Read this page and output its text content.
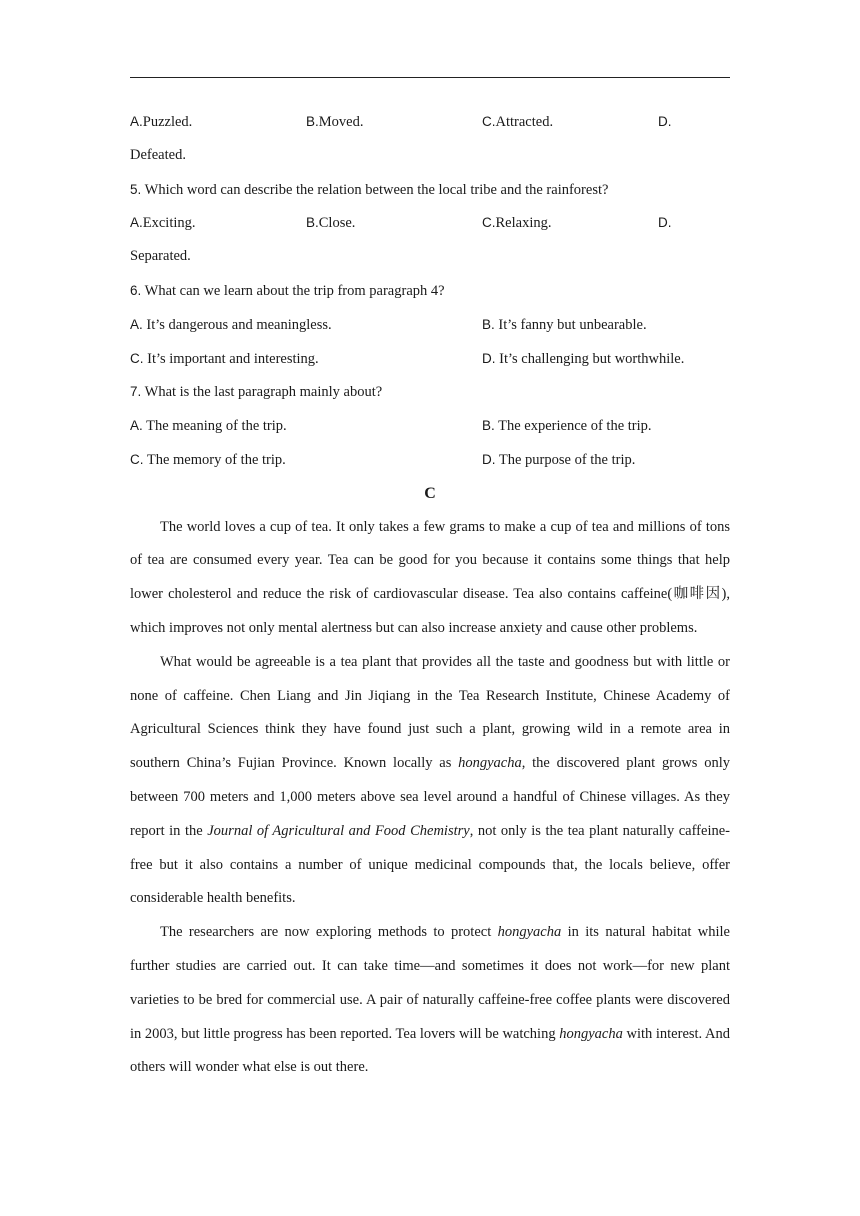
A.Puzzled.	B.Moved.	C.Attracted.	D.
Defeated.
5. Which word can describe the relation between the local tribe and the rainforest?
A.Exciting.	B.Close.	C.Relaxing.	D.
Separated.
6. What can we learn about the trip from paragraph 4?
A. It’s dangerous and meaningless.	B. It’s fanny but unbearable.
C. It’s important and interesting.	D. It’s challenging but worthwhile.
7. What is the last paragraph mainly about?
A. The meaning of the trip.	B. The experience of the trip.
C. The memory of the trip.	D. The purpose of the trip.
C

The world loves a cup of tea. It only takes a few grams to make a cup of tea and millions of tons of tea are consumed every year. Tea can be good for you because it contains some things that help lower cholesterol and reduce the risk of cardiovascular disease. Tea also contains caffeine(咖啡因), which improves not only mental alertness but can also increase anxiety and cause other problems.

What would be agreeable is a tea plant that provides all the taste and goodness but with little or none of caffeine. Chen Liang and Jin Jiqiang in the Tea Research Institute, Chinese Academy of Agricultural Sciences think they have found just such a plant, growing wild in a remote area in southern China’s Fujian Province. Known locally as hongyacha, the discovered plant grows only between 700 meters and 1,000 meters above sea level around a handful of Chinese villages. As they report in the Journal of Agricultural and Food Chemistry, not only is the tea plant naturally caffeine-free but it also contains a number of unique medicinal compounds that, the locals believe, offer considerable health benefits.

The researchers are now exploring methods to protect hongyacha in its natural habitat while further studies are carried out. It can take time—and sometimes it does not work—for new plant varieties to be bred for commercial use. A pair of naturally caffeine-free coffee plants were discovered in 2003, but little progress has been reported. Tea lovers will be watching hongyacha with interest. And others will wonder what else is out there.
